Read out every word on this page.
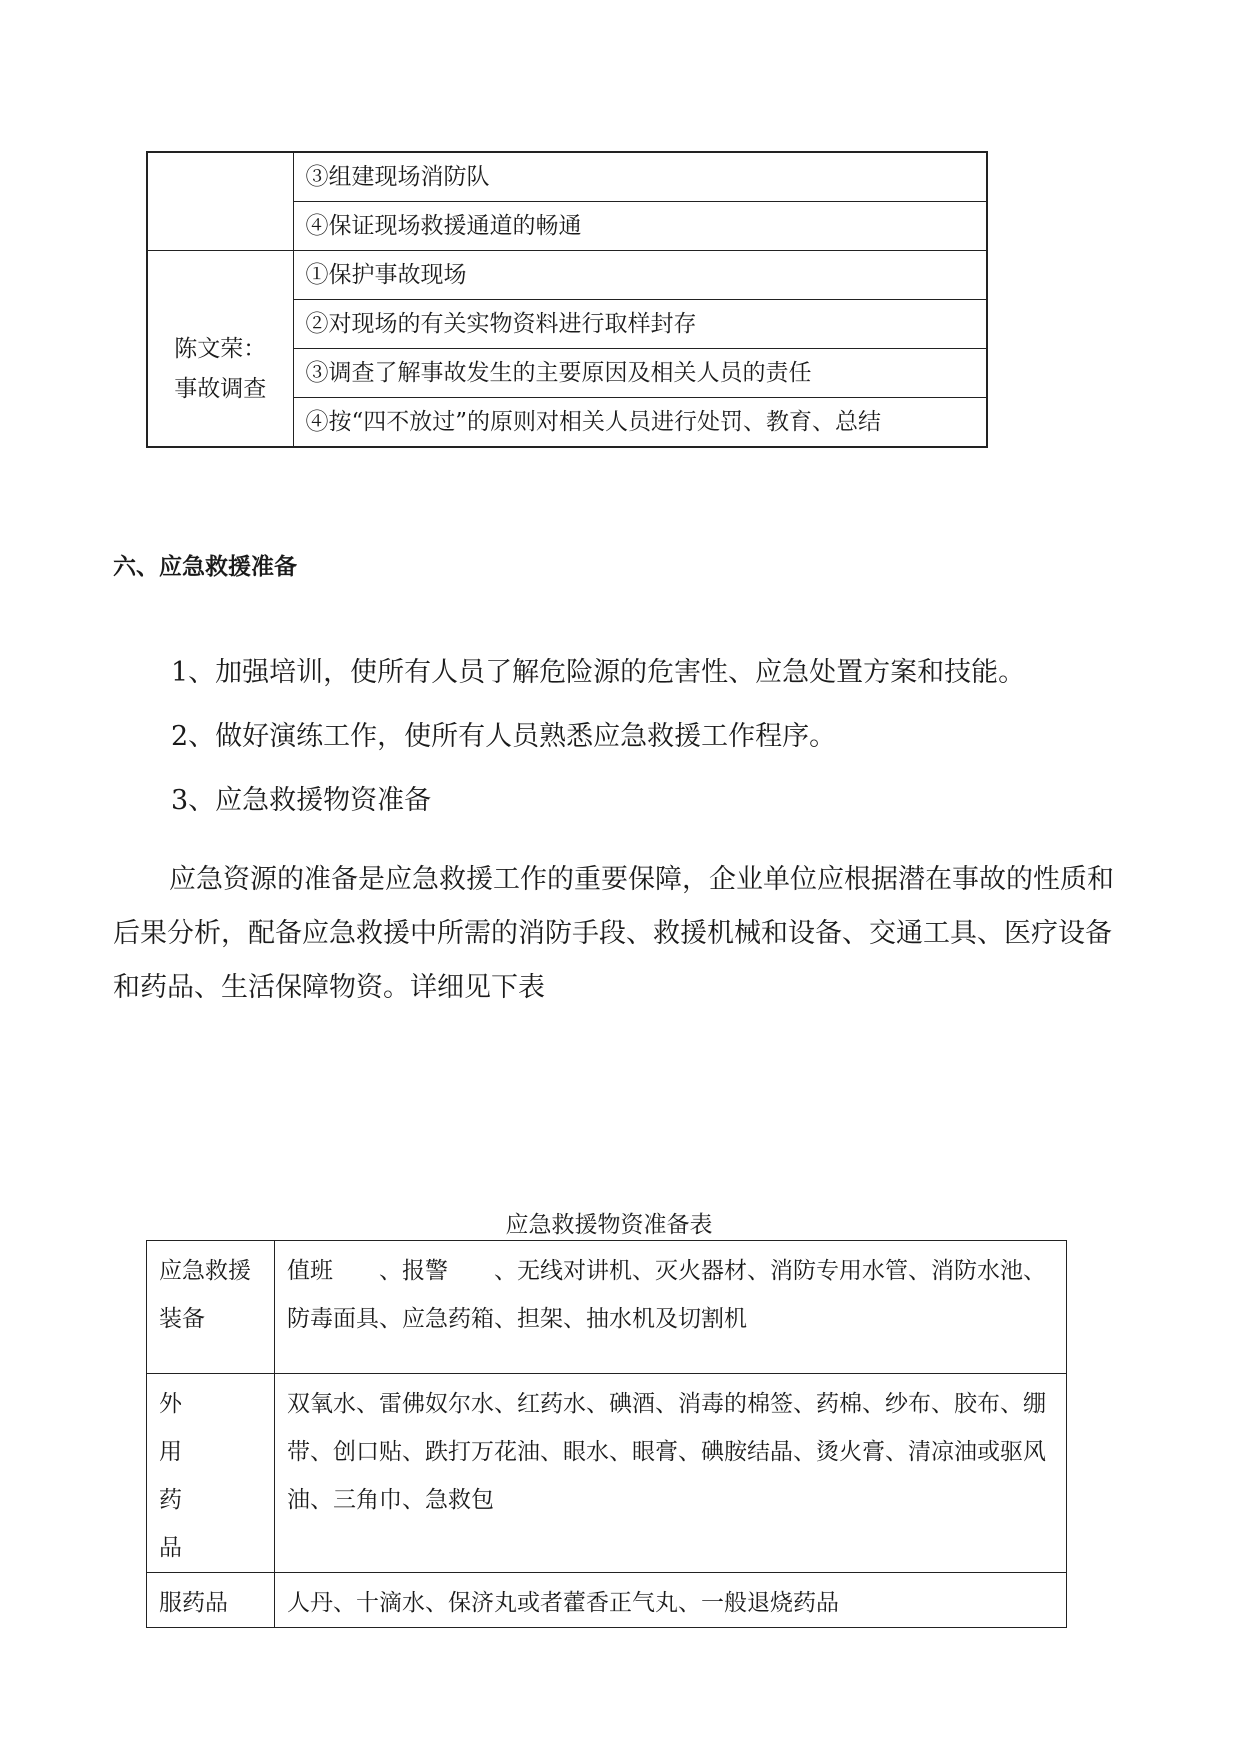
	③组建现场消防队
	④保证现场救援通道的畅通

陈文荣：
事故调查	①保护事故现场
	②对现场的有关实物资料进行取样封存
	③调查了解事故发生的主要原因及相关人员的责任
	④按“四不放过”的原则对相关人员进行处罚、教育、总结
六、应急救援准备
1、加强培训，使所有人员了解危险源的危害性、应急处置方案和技能。
2、做好演练工作，使所有人员熟悉应急救援工作程序。
3、应急救援物资准备
应急资源的准备是应急救援工作的重要保障，企业单位应根据潜在事故的性质和后果分析，配备应急救援中所需的消防手段、救援机械和设备、交通工具、医疗设备和药品、生活保障物资。详细见下表
应急救援物资准备表
应急救援装备	值班　　、报警　　、无线对讲机、灭火器材、消防专用水管、消防水池、防毒面具、应急药箱、担架、抽水机及切割机
外用药品	双氧水、雷佛奴尔水、红药水、碘酒、消毒的棉签、药棉、纱布、胶布、绷带、创口贴、跌打万花油、眼水、眼膏、碘胺结晶、烫火膏、清凉油或驱风油、三角巾、急救包
服药品	人丹、十滴水、保济丸或者藿香正气丸、一般退烧药品
